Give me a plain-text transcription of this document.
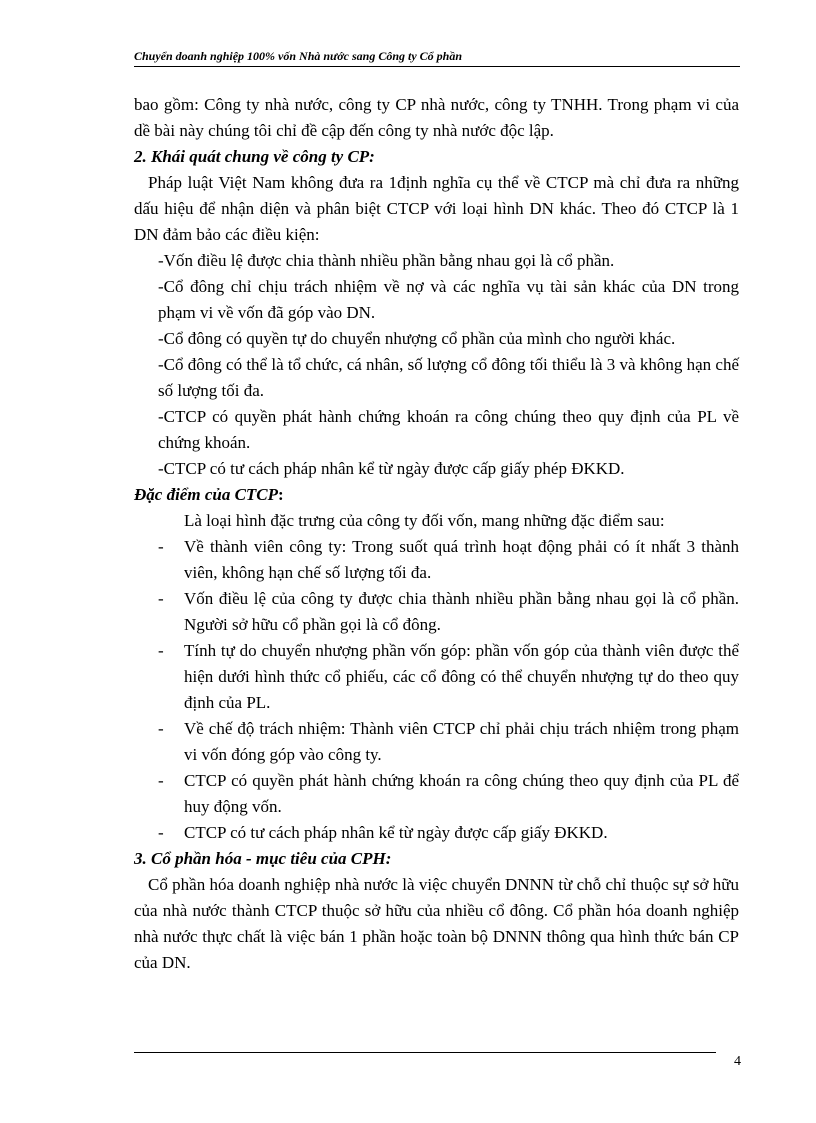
Chuyển doanh nghiệp 100% vốn Nhà nước sang Công ty Cổ phần

bao gồm: Công ty nhà nước, công ty CP nhà nước, công ty TNHH. Trong phạm vi của dề bài này chúng tôi chỉ đề cập đến công ty nhà nước độc lập.

2. Khái quát chung về công ty CP:

Pháp luật Việt Nam không đưa ra 1định nghĩa cụ thể về CTCP mà chỉ đưa ra những dấu hiệu để nhận diện và phân biệt CTCP với loại hình DN khác. Theo đó CTCP là 1 DN đảm bảo các điều kiện:

-Vốn điều lệ được chia thành nhiều phần bằng nhau gọi là cổ phần.

-Cổ đông chỉ chịu trách nhiệm về nợ và các nghĩa vụ tài sản khác của DN trong phạm vi về vốn đã góp vào DN.

-Cổ đông có quyền tự do chuyển nhượng cổ phần của mình cho người khác.

-Cổ đông có thể là tổ chức, cá nhân, số lượng cổ đông tối thiểu là 3 và không hạn chế số lượng tối đa.

-CTCP có quyền phát hành chứng khoán ra công chúng theo quy định của PL về chứng khoán.

-CTCP có tư cách pháp nhân kể từ ngày được cấp giấy phép ĐKKD.

Đặc điểm của CTCP:

Là loại hình đặc trưng của công ty đối vốn, mang những đặc điểm sau:

- Về thành viên công ty: Trong suốt quá trình hoạt động phải có ít nhất 3 thành viên, không hạn chế số lượng tối đa.
- Vốn điều lệ của công ty được chia thành nhiều phần bằng nhau gọi là cổ phần. Người sở hữu cổ phần gọi là cổ đông.
- Tính tự do chuyển nhượng phần vốn góp: phần vốn góp của thành viên được thể hiện dưới hình thức cổ phiếu, các cổ đông có thể chuyển nhượng tự do theo quy định của PL.
- Về chế độ trách nhiệm: Thành viên CTCP chỉ phải chịu trách nhiệm trong phạm vi vốn đóng góp vào công ty.
- CTCP có quyền phát hành chứng khoán ra công chúng theo quy định của PL để huy động vốn.
- CTCP có tư cách pháp nhân kể từ ngày được cấp giấy ĐKKD.

3. Cổ phần hóa - mục tiêu của CPH:

Cổ phần hóa doanh nghiệp nhà nước là việc chuyển DNNN từ chỗ chỉ thuộc sự sở hữu của nhà nước thành CTCP thuộc sở hữu của nhiều cổ đông. Cổ phần hóa doanh nghiệp nhà nước thực chất là việc bán 1 phần hoặc toàn bộ DNNN thông qua hình thức bán CP của DN.

4
